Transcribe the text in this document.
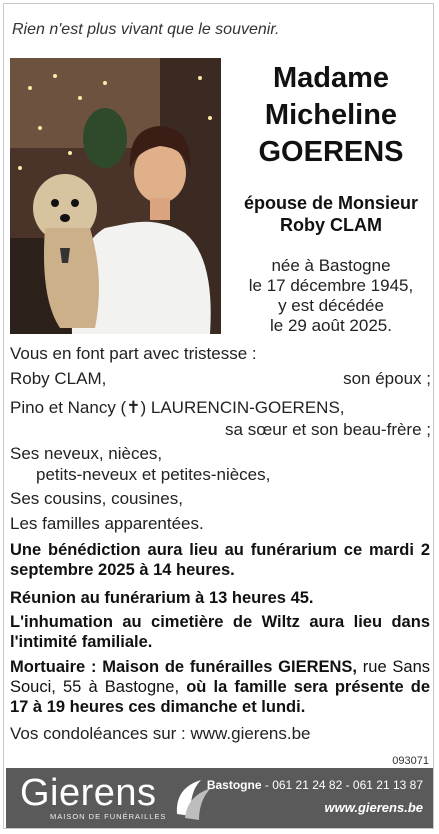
Rien n'est plus vivant que le souvenir.
Madame
Micheline
GOERENS
épouse de Monsieur
Roby CLAM
née à Bastogne
le 17 décembre 1945,
y est décédée
le 29 août 2025.
Vous en font part avec tristesse :
Roby CLAM,	son époux ;
Pino et Nancy (✝) LAURENCIN-GOERENS,
sa sœur et son beau-frère ;
Ses neveux, nièces,
petits-neveux et petites-nièces,
Ses cousins, cousines,
Les familles apparentées.
Une bénédiction aura lieu au funérarium ce mardi 2 septembre 2025 à 14 heures.
Réunion au funérarium à 13 heures 45.
L'inhumation au cimetière de Wiltz aura lieu dans l'intimité familiale.
Mortuaire : Maison de funérailles GIERENS, rue Sans Souci, 55 à Bastogne, où la famille sera présente de 17 à 19 heures ces dimanche et lundi.
Vos condoléances sur : www.gierens.be
093071
Gierens
MAISON DE FUNÉRAILLES
Bastogne - 061 21 24 82 - 061 21 13 87
www.gierens.be
